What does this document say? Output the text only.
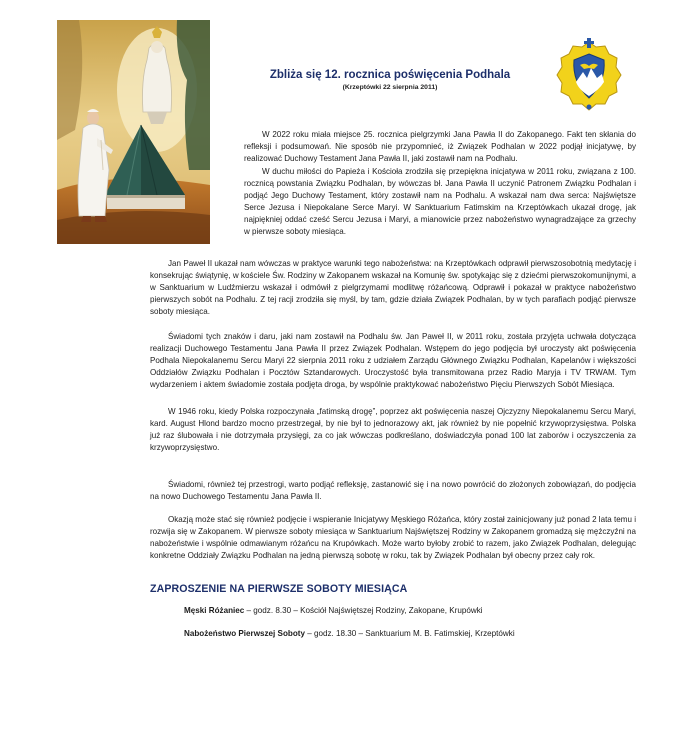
Zbliża się 12. rocznica poświęcenia Podhala

(Krzeptówki 22 sierpnia 2011)

W 2022 roku miała miejsce 25. rocznica pielgrzymki Jana Pawła II do Zakopanego. Fakt ten skłania do refleksji i podsumowań. Nie sposób nie przypomnieć, iż Związek Podhalan w 2022 podjął inicjatywę, by realizować Duchowy Testament Jana Pawła II, jaki zostawił nam na Podhalu.

W duchu miłości do Papieża i Kościoła zrodziła się przepiękna inicjatywa w 2011 roku, związana z 100. rocznicą powstania Związku Podhalan, by wówczas bł. Jana Pawła II uczynić Patronem Związku Podhalan i podjąć Jego Duchowy Testament, który zostawił nam na Podhalu. A wskazał nam dwa serca: Najświętsze Serce Jezusa i Niepokalane Serce Maryi. W Sanktuarium Fatimskim na Krzeptówkach ukazał drogę, jak najpiękniej oddać cześć Sercu Jezusa i Maryi, a mianowicie przez nabożeństwo wynagradzające za grzechy w pierwsze soboty miesiąca.

Jan Paweł II ukazał nam wówczas w praktyce warunki tego nabożeństwa: na Krzeptówkach odprawił pierwszosobotnią medytację i konsekrując świątynię, w kościele Św. Rodziny w Zakopanem wskazał na Komunię św. spotykając się z dziećmi pierwszokomunijnymi, a w Sanktuarium w Ludźmierzu wskazał i odmówił z pielgrzymami modlitwę różańcową. Odprawił i pokazał w praktyce nabożeństwo pierwszych sobót na Podhalu. Z tej racji zrodziła się myśl, by tam, gdzie działa Związek Podhalan, by w tych parafiach podjąć pierwsze soboty miesiąca.

Świadomi tych znaków i daru, jaki nam zostawił na Podhalu św. Jan Paweł II, w 2011 roku, została przyjęta uchwała dotycząca realizacji Duchowego Testamentu Jana Pawła II przez Związek Podhalan. Wstępem do jego podjęcia był uroczysty akt poświęcenia Podhala Niepokalanemu Sercu Maryi 22 sierpnia 2011 roku z udziałem Zarządu Głównego Związku Podhalan, Kapelanów i większości Oddziałów Związku Podhalan i Pocztów Sztandarowych. Uroczystość była transmitowana przez Radio Maryja i TV TRWAM. Tym wydarzeniem i aktem świadomie została podjęta droga, by wspólnie praktykować nabożeństwo Pięciu Pierwszych Sobót Miesiąca.

W 1946 roku, kiedy Polska rozpoczynała „fatimską drogę”, poprzez akt poświęcenia naszej Ojczyzny Niepokalanemu Sercu Maryi, kard. August Hlond bardzo mocno przestrzegał, by nie był to jednorazowy akt, jak również by nie popełnić krzywoprzysięstwa. Polska już raz ślubowała i nie dotrzymała przysięgi, za co jak wówczas podkreślano, doświadczyła ponad 100 lat zaborów i oczyszczenia za krzywoprzysięstwo.

Świadomi, również tej przestrogi, warto podjąć refleksję, zastanowić się i na nowo powrócić do złożonych zobowiązań, do podjęcia na nowo Duchowego Testamentu Jana Pawła II.

Okazją może stać się również podjęcie i wspieranie Inicjatywy Męskiego Różańca, który został zainicjowany już ponad 2 lata temu i rozwija się w Zakopanem. W pierwsze soboty miesiąca w Sanktuarium Najświętszej Rodziny w Zakopanem gromadzą się mężczyźni na nabożeństwie i wspólnie odmawianym różańcu na Krupówkach. Może warto byłoby zrobić to razem, jako Związek Podhalan, delegując konkretne Oddziały Związku Podhalan na jedną pierwszą sobotę w roku, tak by Związek Podhalan był obecny przez cały rok.

ZAPROSZENIE NA PIERWSZE SOBOTY MIESIĄCA

Męski Różaniec – godz. 8.30 – Kościół Najświętszej Rodziny, Zakopane, Krupówki

Nabożeństwo Pierwszej Soboty – godz. 18.30 – Sanktuarium M. B. Fatimskiej, Krzeptówki
